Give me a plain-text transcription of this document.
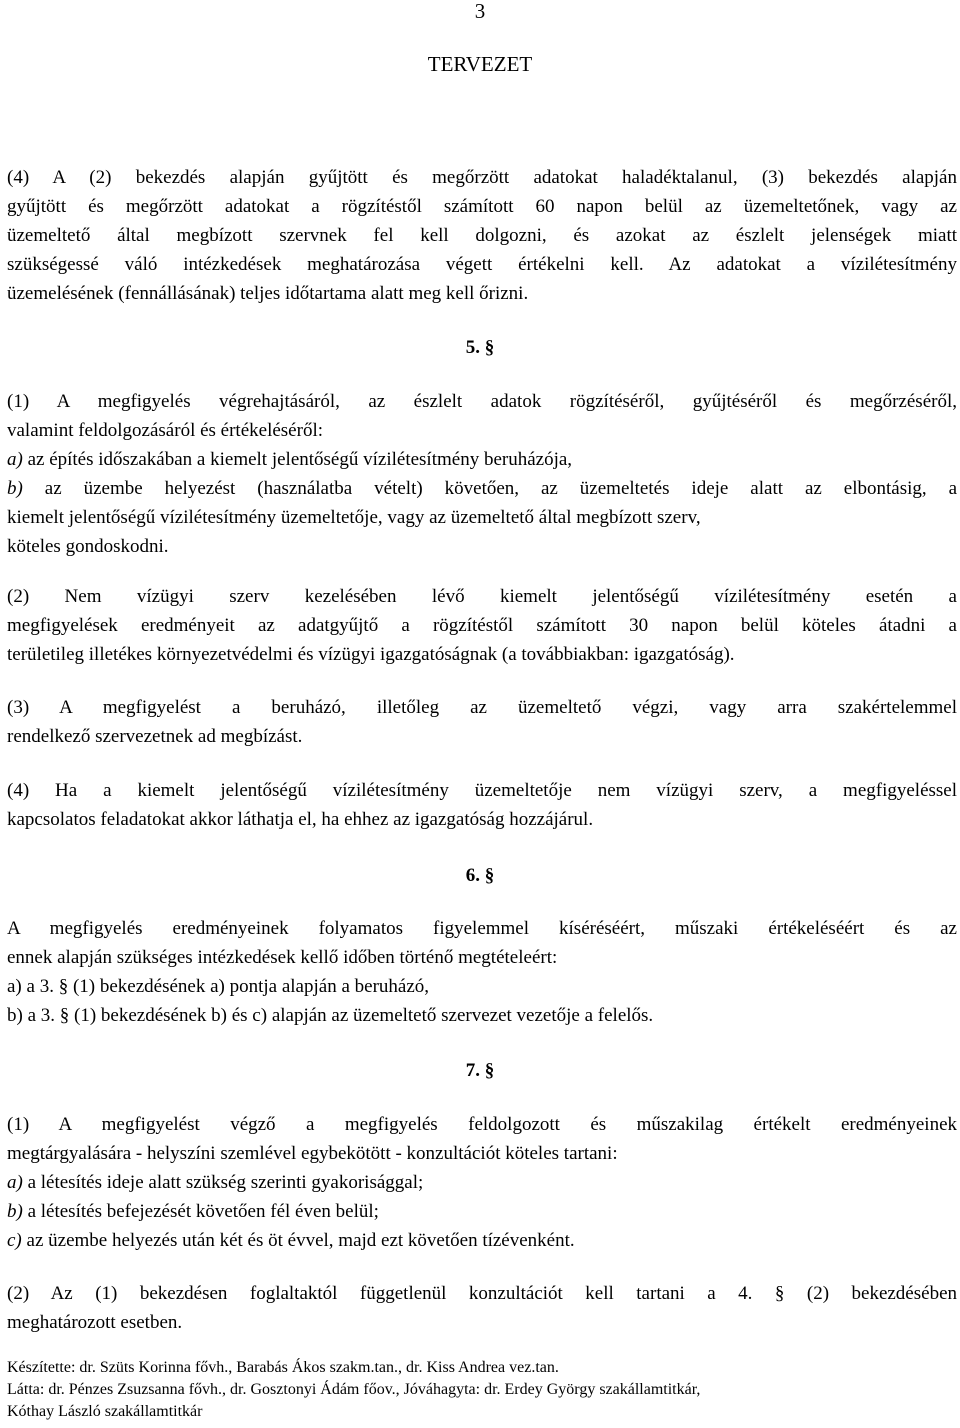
3
TERVEZET
(4) A (2) bekezdés alapján gyűjtött és megőrzött adatokat haladéktalanul, (3) bekezdés alapján
gyűjtött és megőrzött adatokat a rögzítéstől számított 60 napon belül az üzemeltetőnek, vagy az
üzemeltető által megbízott szervnek fel kell dolgozni, és azokat az észlelt jelenségek miatt
szükségessé váló intézkedések meghatározása végett értékelni kell. Az adatokat a vízilétesítmény
üzemelésének (fennállásának) teljes időtartama alatt meg kell őrizni.
5. §
(1) A megfigyelés végrehajtásáról, az észlelt adatok rögzítéséről, gyűjtéséről és megőrzéséről,
valamint feldolgozásáról és értékeléséről:
a) az építés időszakában a kiemelt jelentőségű vízilétesítmény beruházója,
b) az üzembe helyezést (használatba vételt) követően, az üzemeltetés ideje alatt az elbontásig, a
kiemelt jelentőségű vízilétesítmény üzemeltetője, vagy az üzemeltető által megbízott szerv,
köteles gondoskodni.
(2) Nem vízügyi szerv kezelésében lévő kiemelt jelentőségű vízilétesítmény esetén a
megfigyelések eredményeit az adatgyűjtő a rögzítéstől számított 30 napon belül köteles átadni a
területileg illetékes környezetvédelmi és vízügyi igazgatóságnak (a továbbiakban: igazgatóság).
(3) A megfigyelést a beruházó, illetőleg az üzemeltető végzi, vagy arra szakértelemmel
rendelkező szervezetnek ad megbízást.
(4) Ha a kiemelt jelentőségű vízilétesítmény üzemeltetője nem vízügyi szerv, a megfigyeléssel
kapcsolatos feladatokat akkor láthatja el, ha ehhez az igazgatóság hozzájárul.
6. §
A megfigyelés eredményeinek folyamatos figyelemmel kíséréséért, műszaki értékeléséért és az
ennek alapján szükséges intézkedések kellő időben történő megtételeért:
a) a 3. § (1) bekezdésének a) pontja alapján a beruházó,
b) a 3. § (1) bekezdésének b) és c) alapján az üzemeltető szervezet vezetője a felelős.
7. §
(1) A megfigyelést végző a megfigyelés feldolgozott és műszakilag értékelt eredményeinek
megtárgyalására - helyszíni szemlével egybekötött - konzultációt köteles tartani:
a) a létesítés ideje alatt szükség szerinti gyakorisággal;
b) a létesítés befejezését követően fél éven belül;
c) az üzembe helyezés után két és öt évvel, majd ezt követően tízévenként.
(2) Az (1) bekezdésen foglaltaktól függetlenül konzultációt kell tartani a 4. § (2) bekezdésében
meghatározott esetben.
Készítette: dr. Szüts Korinna fővh., Barabás Ákos szakm.tan., dr. Kiss Andrea vez.tan.
Látta: dr. Pénzes Zsuzsanna fővh., dr. Gosztonyi Ádám főov., Jóváhagyta: dr. Erdey György szakállamtitkár,
Kóthay László szakállamtitkár
